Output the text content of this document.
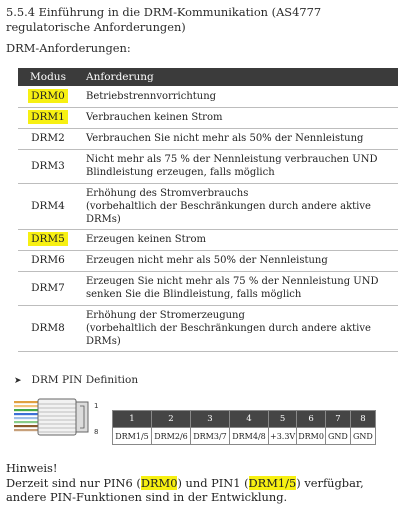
5.5.4 Einführung in die DRM-Kommunikation (AS4777 regulatorische Anforderungen)
DRM-Anforderungen:
Modus	Anforderung
DRM0	Betriebstrennvorrichtung

DRM1	Verbrauchen keinen Strom

DRM2	Verbrauchen Sie nicht mehr als 50% der Nennleistung

DRM3	Nicht mehr als 75 % der Nennleistung verbrauchen UND
Blindleistung erzeugen, falls möglich

DRM4	Erhöhung des Stromverbrauchs
(vorbehaltlich der Beschränkungen durch andere aktive DRMs)

DRM5	Erzeugen keinen Strom

DRM6	Erzeugen nicht mehr als 50% der Nennleistung

DRM7	Erzeugen Sie nicht mehr als 75 % der Nennleistung UND
senken Sie die Blindleistung, falls möglich

DRM8	Erhöhung der Stromerzeugung
(vorbehaltlich der Beschränkungen durch andere aktive DRMs)
➤ DRM PIN Definition
1
8
1	2	3	4	5	6	7	8
DRM1/5	DRM2/6	DRM3/7	DRM4/8	+3.3V	DRM0	GND	GND
Hinweis!
Derzeit sind nur PIN6 (DRM0) und PIN1 (DRM1/5) verfügbar,
andere PIN-Funktionen sind in der Entwicklung.
